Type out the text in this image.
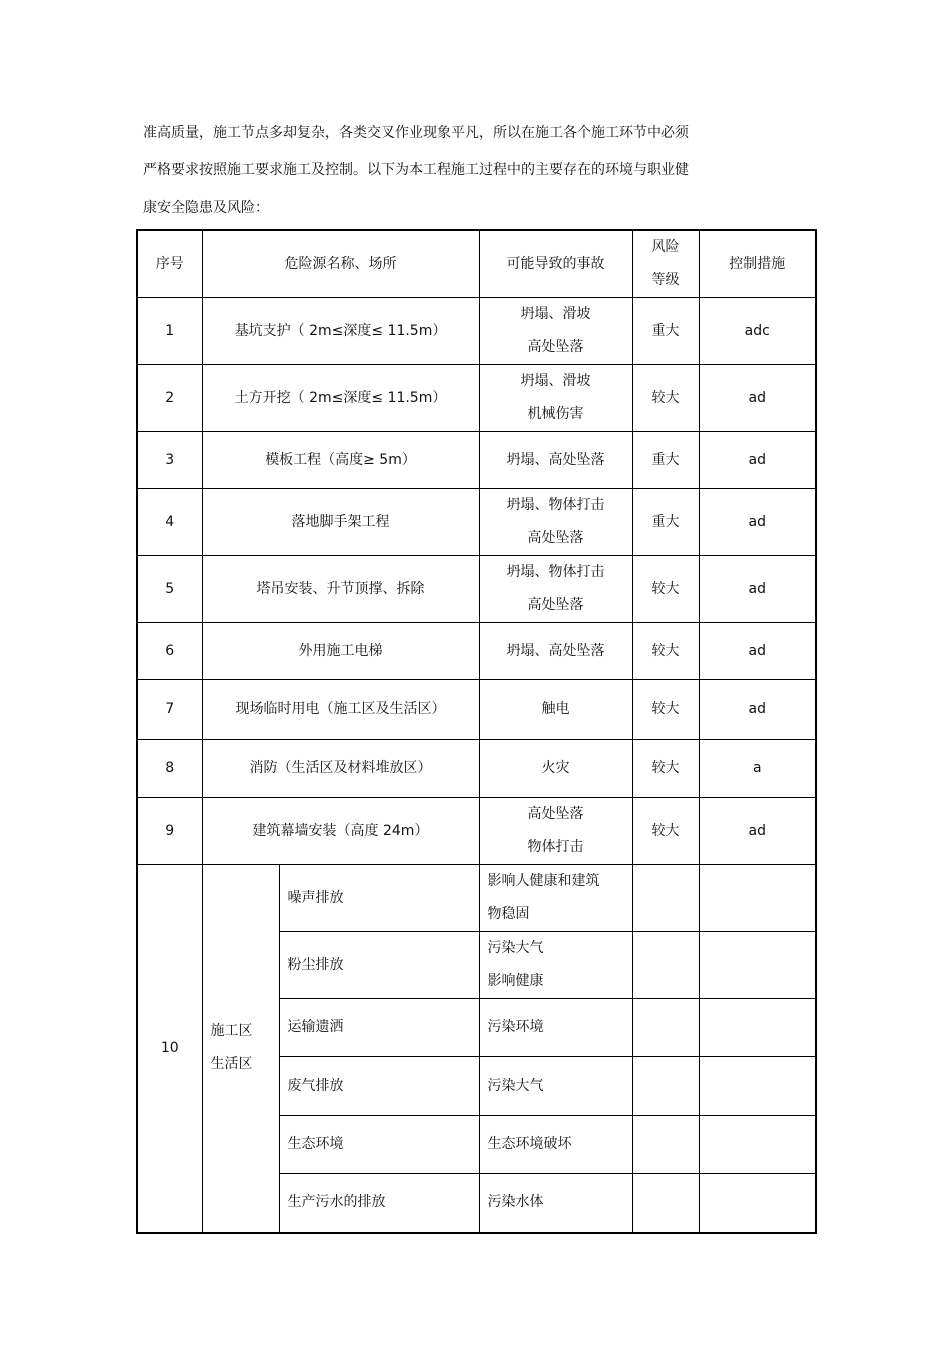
准高质量，施工节点多却复杂，各类交叉作业现象平凡，所以在施工各个施工环节中必须
严格要求按照施工要求施工及控制。以下为本工程施工过程中的主要存在的环境与职业健
康安全隐患及风险：
序号	危险源名称、场所		可能导致的事故	风险
等级	控制措施
1	基坑支护（ 2m≤深度≤ 11.5m）		坍塌、滑坡
高处坠落	重大	adc
2	土方开挖（ 2m≤深度≤ 11.5m）		坍塌、滑坡
机械伤害	较大	ad
3	模板工程（高度≥ 5m）		坍塌、高处坠落	重大	ad
4	落地脚手架工程		坍塌、物体打击
高处坠落	重大	ad
5	塔吊安装、升节顶撑、拆除		坍塌、物体打击
高处坠落	较大	ad
6	外用施工电梯		坍塌、高处坠落	较大	ad
7	现场临时用电（施工区及生活区）		触电	较大	ad
8	消防（生活区及材料堆放区）		火灾	较大	a
9	建筑幕墙安装（高度 24m）		高处坠落
物体打击	较大	ad
10	施工区
生活区	噪声排放	影响人健康和建筑
物稳固		

		粉尘排放	污染大气
影响健康		

		运输遗洒	污染环境		

		废气排放	污染大气		

		生态环境	生态环境破坏		

		生产污水的排放	污染水体		
